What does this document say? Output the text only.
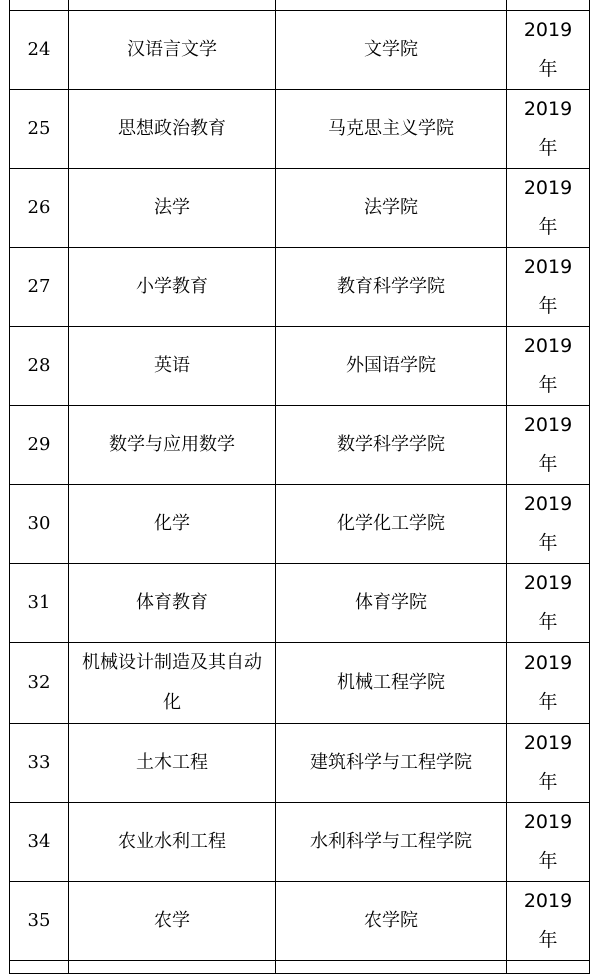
24	汉语言文学	文学院	2019
年

25	思想政治教育	马克思主义学院	2019
年

26	法学	法学院	2019
年

27	小学教育	教育科学学院	2019
年

28	英语	外国语学院	2019
年

29	数学与应用数学	数学科学学院	2019
年

30	化学	化学化工学院	2019
年

31	体育教育	体育学院	2019
年

32	机械设计制造及其自动化	机械工程学院	2019
年

33	土木工程	建筑科学与工程学院	2019
年

34	农业水利工程	水利科学与工程学院	2019
年

35	农学	农学院	2019
年
